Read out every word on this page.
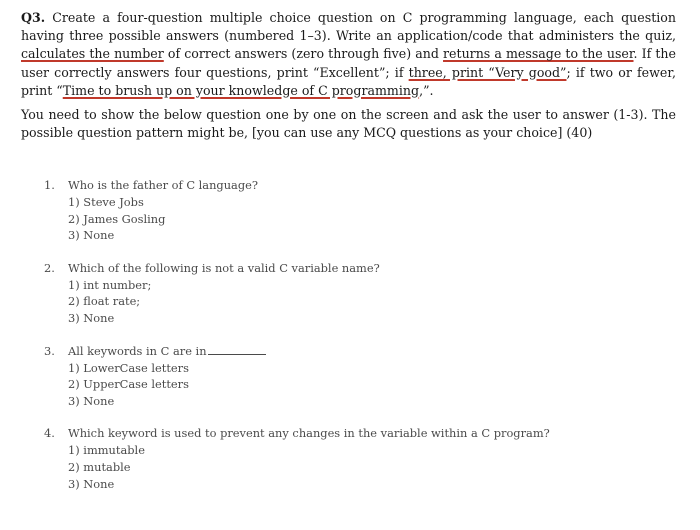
Q3. Create a four-question multiple choice question on C programming language, each question having three possible answers (numbered 1–3). Write an application/code that administers the quiz, calculates the number of correct answers (zero through five) and returns a message to the user. If the user correctly answers four questions, print “Excellent”; if three, print “Very good”; if two or fewer, print “Time to brush up on your knowledge of C programming,”.
You need to show the below question one by one on the screen and ask the user to answer (1-3). The possible question pattern might be, [you can use any MCQ questions as your choice] (40)
1.	Who is the father of C language?
1) Steve Jobs
2) James Gosling
3) None
2.	Which of the following is not a valid C variable name?
1) int number;
2) float rate;
3) None
3.	All keywords in C are in
1) LowerCase letters
2) UpperCase letters
3) None
4.	Which keyword is used to prevent any changes in the variable within a C program?
1) immutable
2) mutable
3) None
